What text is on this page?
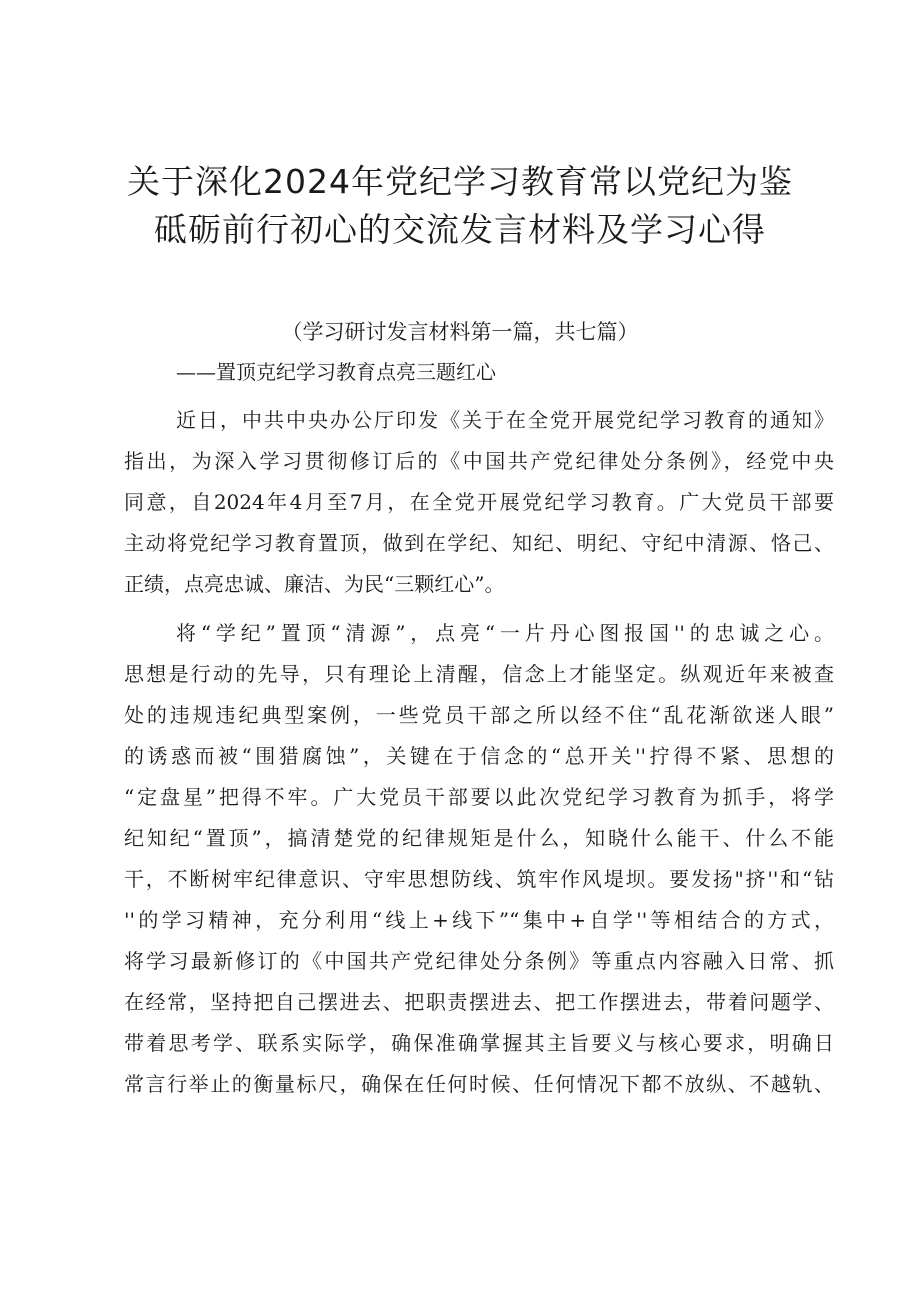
关于深化2024年党纪学习教育常以党纪为鉴
砥砺前行初心的交流发言材料及学习心得
（学习研讨发言材料第一篇，共七篇）
——置顶克纪学习教育点亮三题红心
近日，中共中央办公厅印发《关于在全党开展党纪学习教育的通知》
指出，为深入学习贯彻修订后的《中国共产党纪律处分条例》，经党中央
同意，自2024年4月至7月，在全党开展党纪学习教育。广大党员干部要
主动将党纪学习教育置顶，做到在学纪、知纪、明纪、守纪中清源、恪己、
正绩，点亮忠诚、廉洁、为民“三颗红心”。
将“学纪”置顶“清源”，点亮“一片丹心图报国''的忠诚之心。
思想是行动的先导，只有理论上清醒，信念上才能坚定。纵观近年来被查
处的违规违纪典型案例，一些党员干部之所以经不住“乱花渐欲迷人眼”
的诱惑而被“围猎腐蚀”，关键在于信念的“总开关''拧得不紧、思想的
“定盘星”把得不牢。广大党员干部要以此次党纪学习教育为抓手，将学
纪知纪“置顶”，搞清楚党的纪律规矩是什么，知晓什么能干、什么不能
干，不断树牢纪律意识、守牢思想防线、筑牢作风堤坝。要发扬"挤''和“钻
''的学习精神，充分利用“线上+线下”“集中+自学''等相结合的方式，
将学习最新修订的《中国共产党纪律处分条例》等重点内容融入日常、抓
在经常，坚持把自己摆进去、把职责摆进去、把工作摆进去，带着问题学、
带着思考学、联系实际学，确保准确掌握其主旨要义与核心要求，明确日
常言行举止的衡量标尺，确保在任何时候、任何情况下都不放纵、不越轨、
